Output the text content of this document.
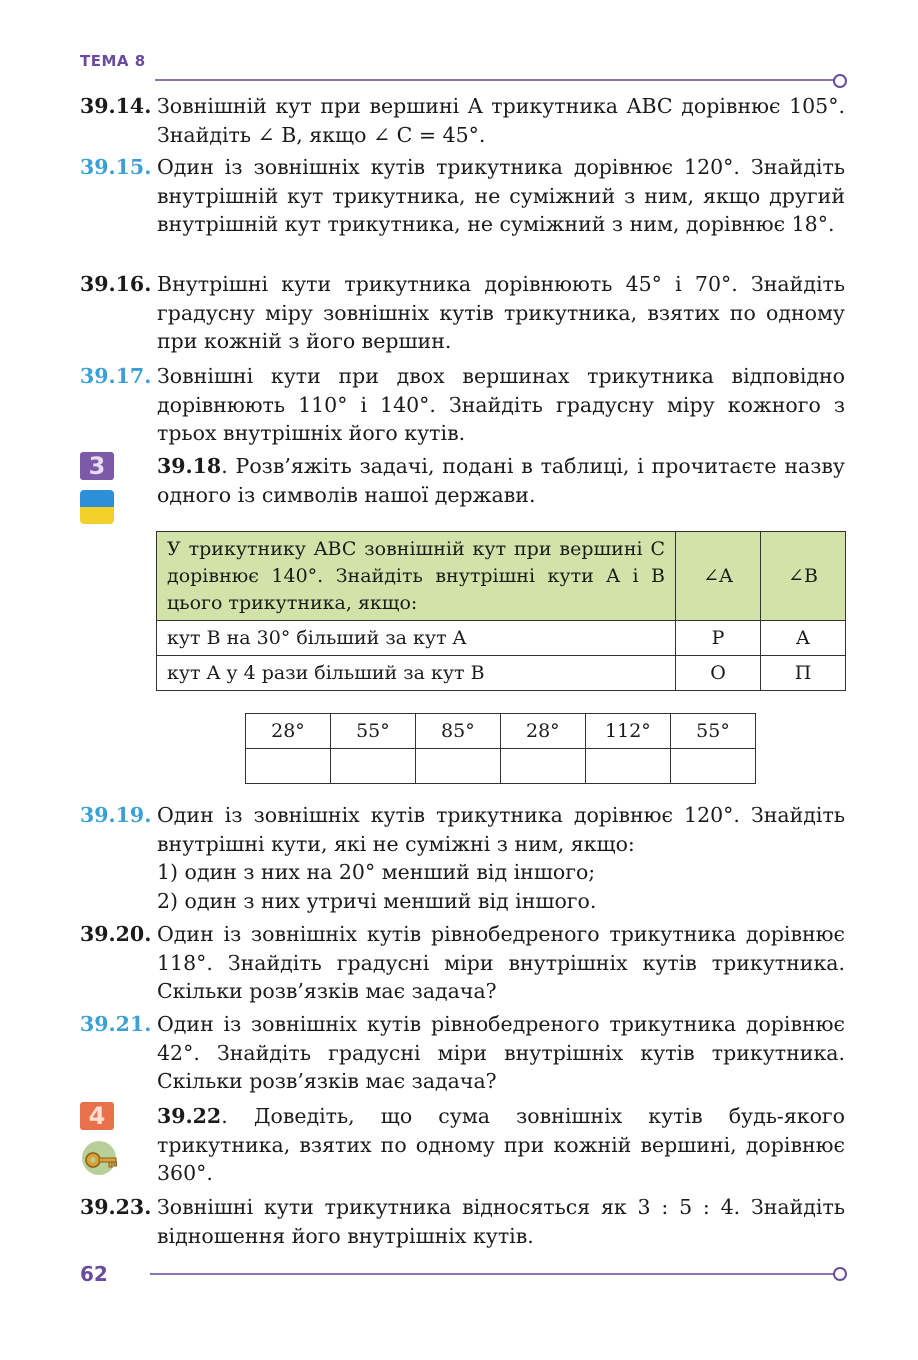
ТЕМА 8
39.14. Зовнішній кут при вершині A трикутника ABC дорівнює 105°. Знайдіть ∠ B, якщо ∠ C = 45°.
39.15. Один із зовнішніх кутів трикутника дорівнює 120°. Знайдіть внутрішній кут трикутника, не суміжний з ним, якщо другий внутрішній кут трикутника, не суміжний з ним, дорівнює 18°.
39.16. Внутрішні кути трикутника дорівнюють 45° і 70°. Знайдіть градусну міру зовнішніх кутів трикутника, взятих по одному при кожній з його вершин.
39.17. Зовнішні кути при двох вершинах трикутника відповідно дорівнюють 110° і 140°. Знайдіть градусну міру кожного з трьох внутрішніх його кутів.
3	39.18. Розв’яжіть задачі, подані в таблиці, і прочитаєте назву одного із символів нашої держави.
У трикутнику ABC зовнішній кут при вершині C дорівнює 140°. Знайдіть внутрішні кути A і B цього трикутника, якщо:	∠A	∠B
кут B на 30° більший за кут A	Р	А
кут A у 4 рази більший за кут B	О	П
28°	55°	85°	28°	112°	55°

39.19. Один із зовнішніх кутів трикутника дорівнює 120°. Знайдіть внутрішні кути, які не суміжні з ним, якщо:
1) один з них на 20° менший від іншого;
2) один з них утричі менший від іншого.
39.20. Один із зовнішніх кутів рівнобедреного трикутника дорівнює 118°. Знайдіть градусні міри внутрішніх кутів трикутника. Скільки розв’язків має задача?
39.21. Один із зовнішніх кутів рівнобедреного трикутника дорівнює 42°. Знайдіть градусні міри внутрішніх кутів трикутника. Скільки розв’язків має задача?
4	39.22. Доведіть, що сума зовнішніх кутів будь-якого трикутника, взятих по одному при кожній вершині, дорівнює 360°.
39.23. Зовнішні кути трикутника відносяться як 3 : 5 : 4. Знайдіть відношення його внутрішніх кутів.
62
